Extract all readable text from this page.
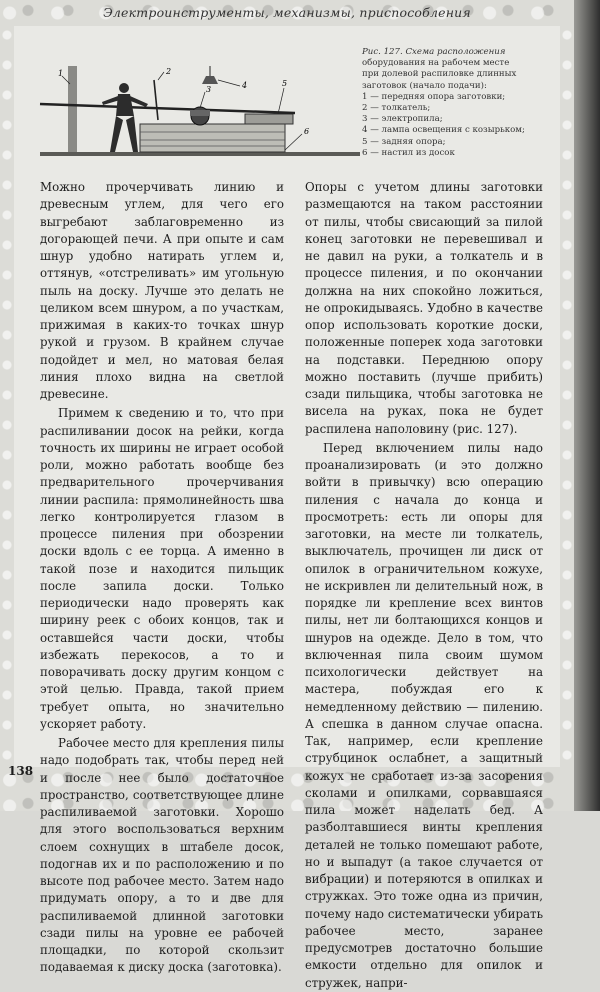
Электроинструменты, механизмы, приспособления
1	2
3	4	5
6
Рис. 127. Схема расположения
оборудования на рабочем месте
при долевой распиловке длинных
заготовок (начало подачи):
1 — передняя опора заготовки;
2 — толкатель;
3 — электропила;
4 — лампа освещения с козырьком;
5 — задняя опора;
6 — настил из досок

Можно прочерчивать линию и древесным углем, для чего его выгребают заблаговременно из догорающей печи. А при опыте и сам шнур удобно натирать углем и, оттянув, «отстреливать» им угольную пыль на доску. Лучше это делать не целиком всем шнуром, а по участкам, прижимая в каких-то точках шнур рукой и грузом. В крайнем случае подойдет и мел, но матовая белая линия плохо видна на светлой древесине.

Примем к сведению и то, что при распиливании досок на рейки, когда точность их ширины не играет особой роли, можно работать вообще без предварительного прочерчивания линии распила: прямолинейность шва легко контролируется глазом в процессе пиления при обозрении доски вдоль с ее торца. А именно в такой позе и находится пильщик после запила доски. Только периодически надо проверять как ширину реек с обоих концов, так и оставшейся части доски, чтобы избежать перекосов, а то и поворачивать доску другим концом с этой целью. Правда, такой прием требует опыта, но значительно ускоряет работу.

Рабочее место для крепления пилы надо подобрать так, чтобы перед ней и после нее было достаточное пространство, соответствующее длине распиливаемой заготовки. Хорошо для этого воспользоваться верхним слоем сохнущих в штабеле досок, подогнав их и по расположению и по высоте под рабочее место. Затем надо придумать опору, а то и две для распиливаемой длинной заготовки сзади пилы на уровне ее рабочей площадки, по которой скользит подаваемая к диску доска (заготовка).

Опоры с учетом длины заготовки размещаются на таком расстоянии от пилы, чтобы свисающий за пилой конец заготовки не перевешивал и не давил на руки, а толкатель и в процессе пиления, и по окончании должна на них спокойно ложиться, не опрокидываясь. Удобно в качестве опор использовать короткие доски, положенные поперек хода заготовки на подставки. Переднюю опору можно поставить (лучше прибить) сзади пильщика, чтобы заготовка не висела на руках, пока не будет распилена наполовину (рис. 127).

Перед включением пилы надо проанализировать (и это должно войти в привычку) всю операцию пиления с начала до конца и просмотреть: есть ли опоры для заготовки, на месте ли толкатель, выключатель, прочищен ли диск от опилок в ограничительном кожухе, не искривлен ли делительный нож, в порядке ли крепление всех винтов пилы, нет ли болтающихся концов и шнуров на одежде. Дело в том, что включенная пила своим шумом психологически действует на мастера, побуждая его к немедленному действию — пилению. А спешка в данном случае опасна. Так, например, если крепление струбцинок ослабнет, а защитный кожух не сработает из-за засорения сколами и опилками, сорвавшаяся пила может наделать бед. А разболтавшиеся винты крепления деталей не только помешают работе, но и выпадут (а такое случается от вибрации) и потеряются в опилках и стружках. Это тоже одна из причин, почему надо систематически убирать рабочее место, заранее предусмотрев достаточно большие емкости отдельно для опилок и стружек, напри-

138
